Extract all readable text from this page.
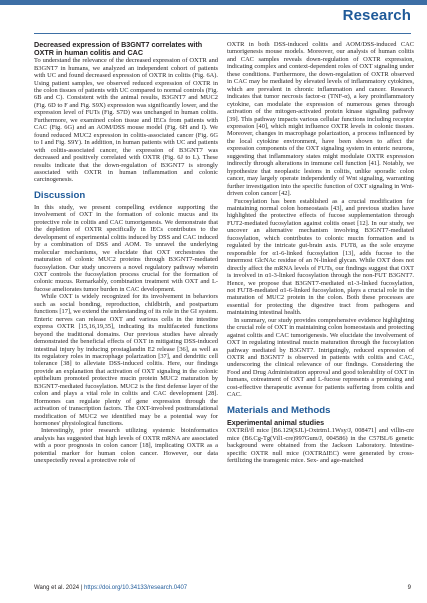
Research
Decreased expression of B3GNT7 correlates with OXTR in human colitis and CAC

To understand the relevance of the decreased expression of OXTR and B3GNT7 in humans, we analyzed an independent cohort of patients with UC and found decreased expression of OXTR in colitis (Fig. 6A). Using patient samples, we observed reduced expression of OXTR in the colon tissues of patients with UC compared to normal controls (Fig. 6B and C). Consistent with the animal results, B3GNT7 and MUC2 (Fig. 6D to F and Fig. S9X) expression was significantly lower, and the expression level of FUTs (Fig. S7D) was unchanged in human colitis. Furthermore, we examined colon tissue and IECs from patients with CAC (Fig. 6G) and an AOM/DSS mouse model (Fig. 6H and I). We found reduced MUC2 expression in colitis-associated cancer (Fig. 6G to I and Fig. S9Y). In addition, in human patients with UC and patients with colitis-associated cancer, the expression of B3GNT7 was decreased and positively correlated with OXTR (Fig. 6J to L). These results indicate that the down-regulation of B3GNT7 is strongly associated with OXTR in human inflammation and colonic carcinogenesis.

Discussion

In this study, we present compelling evidence supporting the involvement of OXT in the formation of colonic mucus and its protective role in colitis and CAC tumorigenesis. We demonstrate that the depletion of OXTR specifically in IECs contributes to the development of experimental colitis induced by DSS and CAC induced by a combination of DSS and AOM. To unravel the underlying molecular mechanisms, we elucidate that OXT orchestrates the maturation of colonic MUC2 proteins through B3GNT7-mediated fucosylation. Our study uncovers a novel regulatory pathway wherein OXT controls the fucosylation process crucial for the formation of colonic mucus. Remarkably, combination treatment with OXT and L-fucose ameliorates tumor burden in CAC development.

While OXT is widely recognized for its involvement in behaviors such as social bonding, reproduction, childbirth, and postpartum functions [17], we extend the understanding of its role in the GI system. Enteric nerves can release OXT and various cells in the intestine express OXTR [15,16,19,35], indicating its multifaceted functions beyond the traditional domains. Our previous studies have already demonstrated the beneficial effects of OXT in mitigating DSS-induced intestinal injury by inducing prostaglandin E2 release [36], as well as its regulatory roles in macrophage polarization [37], and dendritic cell tolerance [38] to alleviate DSS-induced colitis. Here, our findings provide an explanation that activation of OXT signaling in the colonic epithelium promoted protective mucin protein MUC2 maturation by B3GNT7-mediated fucosylation. MUC2 is the first defense layer of the colon and plays a vital role in colitis and CAC development [28]. Hormones can regulate plenty of gene expression through the activation of transcription factors. The OXT-involved posttranslational modification of MUC2 we identified may be a potential way for hormones' physiological functions.

Interestingly, prior research utilizing systemic bioinformatics analysis has suggested that high levels of OXTR mRNA are associated with a poor prognosis in colon cancer [18], implicating OXTR as a potential marker for human colon cancer. However, our data unexpectedly reveal a protective role of

OXTR in both DSS-induced colitis and AOM/DSS-induced CAC tumorigenesis mouse models. Moreover, our analysis of human colitis and CAC samples reveals down-regulation of OXTR expression, indicating complex and context-dependent roles of OXT signaling under these conditions. Furthermore, the down-regulation of OXTR observed in CAC may be mediated by elevated levels of inflammatory cytokines, which are prevalent in chronic inflammation and cancer. Research indicates that tumor necrosis factor-α (TNF-α), a key proinflammatory cytokine, can modulate the expression of numerous genes through activation of the mitogen-activated protein kinase signaling pathway [39]. This pathway impacts various cellular functions including receptor expression [40], which might influence OXTR levels in colonic tissues. Moreover, changes in macrophage polarization, a process influenced by the local cytokine environment, have been shown to affect the expression components of the OXT signaling system in enteric neurons, suggesting that inflammatory states might modulate OXTR expression indirectly through alterations in immune cell function [41]. Notably, we hypothesize that neoplastic lesions in colitis, unlike sporadic colon cancer, may largely operate independently of Wnt signaling, warranting further investigation into the specific function of OXT signaling in Wnt-driven colon cancer [42].

Fucosylation has been established as a crucial modification for maintaining normal colon homeostasis [43], and previous studies have highlighted the protective effects of fucose supplementation through FUT2-mediated fucosylation against colitis onset [12]. In our study, we uncover an alternative mechanism involving B3GNT7-mediated fucosylation, which contributes to colonic mucin formation and is regulated by the intricate gut-brain axis. FUT8, as the sole enzyme responsible for α1-6-linked fucosylation [13], adds fucose to the innermost GlcNAc residue of an N-linked glycan. While OXT does not directly affect the mRNA levels of FUTs, our findings suggest that OXT is involved in α1-3-linked fucosylation through the non-FUT B3GNT7. Hence, we propose that B3GNT7-mediated α1-3-linked fucosylation, not FUT8-mediated α1-6-linked fucosylation, plays a crucial role in the maturation of MUC2 protein in the colon. Both these processes are essential for protecting the digestive tract from pathogens and maintaining intestinal health.

In summary, our study provides comprehensive evidence highlighting the crucial role of OXT in maintaining colon homeostasis and protecting against colitis and CAC tumorigenesis. We elucidate the involvement of OXT in regulating intestinal mucin maturation through the fucosylation pathway mediated by B3GNT7. Intriguingly, reduced expression of OXTR and B3GNT7 is observed in patients with colitis and CAC, underscoring the clinical relevance of our findings. Considering the Food and Drug Administration approval and good tolerability of OXT in humans, cotreatment of OXT and L-fucose represents a promising and cost-effective therapeutic avenue for patients suffering from colitis and CAC.

Materials and Methods
Experimental animal studies

OXTRfl/fl mice [B6.129(SJL)-Oxtrtm1.1Wsy/J, 008471] and villin-cre mice (B6.Cg-Tg(Vil1-cre)997Gum/J, 004586) in the C57BL/6 genetic background were obtained from the Jackson Laboratory. Intestine-specific OXTR null mice (OXTRΔIEC) were generated by cross-fertilizing the transgenic mice. Sex- and age-matched

Wang et al. 2024 | https://doi.org/10.34133/research.0407	9
